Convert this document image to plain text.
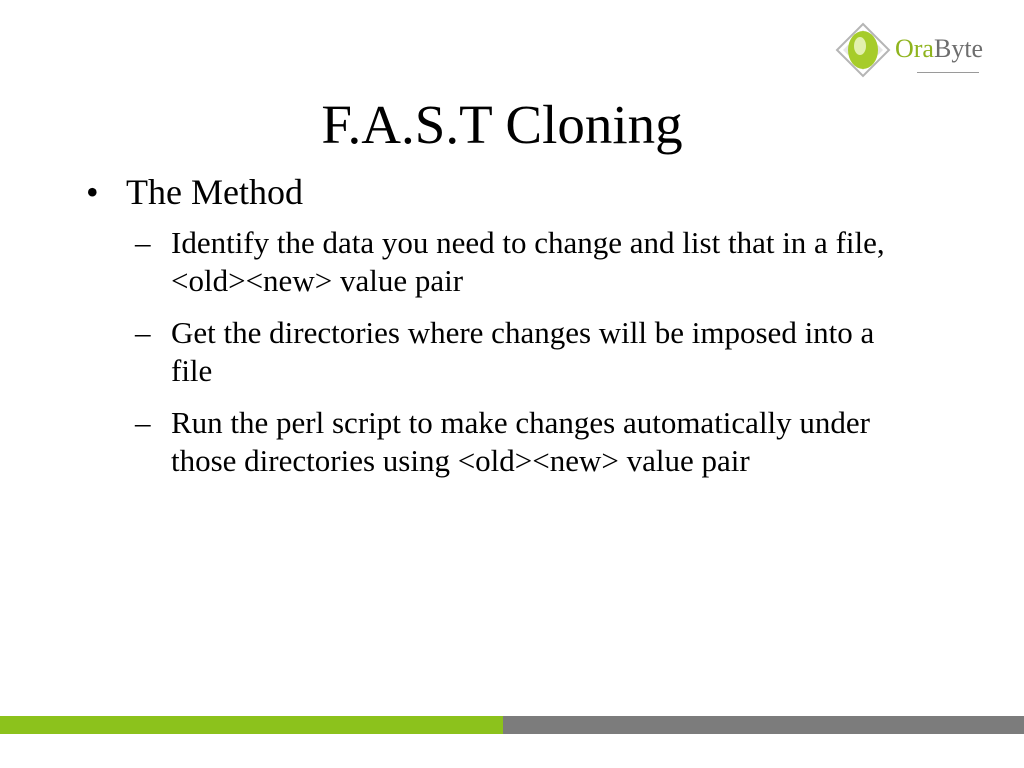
OraByte
F.A.S.T Cloning
• The Method
– Identify the data you need to change and list that in a file,<old><new> value pair
– Get the directories where changes will be imposed into a file
– Run the perl script to make changes automatically under those directories using <old><new> value pair
